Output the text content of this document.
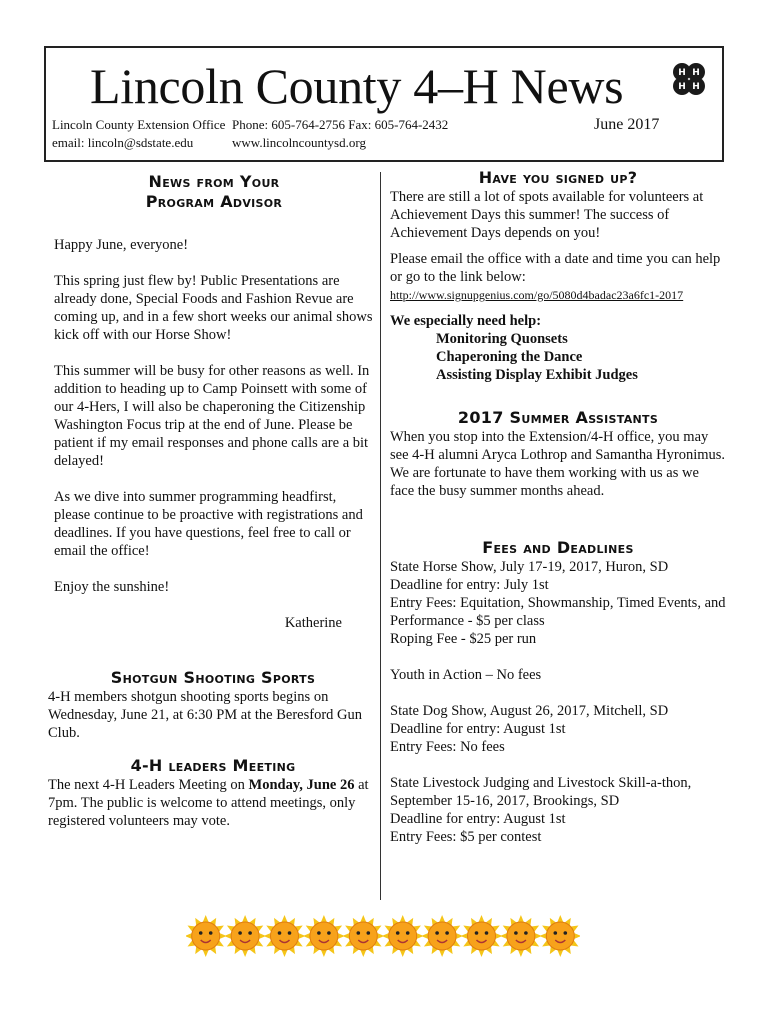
Lincoln County 4–H News	H H
H H
Lincoln County Extension Office
email: lincoln@sdstate.edu
Phone: 605-764-2756 Fax: 605-764-2432
www.lincolncountysd.org
June 2017
News from Your
Program Advisor

Happy June, everyone!

This spring just flew by! Public Presentations are already done, Special Foods and Fashion Revue are coming up, and in a few short weeks our animal shows kick off with our Horse Show!

This summer will be busy for other reasons as well. In addition to heading up to Camp Poinsett with some of our 4-Hers, I will also be chaperoning the Citizenship Washington Focus trip at the end of June. Please be patient if my email responses and phone calls are a bit delayed!

As we dive into summer programming headfirst, please continue to be proactive with registrations and deadlines. If you have questions, feel free to call or email the office!

Enjoy the sunshine!

Katherine

Shotgun Shooting Sports

4-H members shotgun shooting sports begins on Wednesday, June 21, at 6:30 PM at the Beresford Gun Club.

4-H leaders Meeting

The next 4-H Leaders Meeting on Monday, June 26 at 7pm. The public is welcome to attend meetings, only registered volunteers may vote.

Have you signed up?

There are still a lot of spots available for volunteers at Achievement Days this summer! The success of Achievement Days depends on you!

Please email the office with a date and time you can help or go to the link below:

http://www.signupgenius.com/go/5080d4badac23a6fc1-2017

We especially need help:

Monitoring Quonsets

Chaperoning the Dance

Assisting Display Exhibit Judges

2017 Summer Assistants

When you stop into the Extension/4-H office, you may see 4-H alumni Aryca Lothrop and Samantha Hyronimus. We are fortunate to have them working with us as we face the busy summer months ahead.

Fees and Deadlines

State Horse Show, July 17-19, 2017, Huron, SD

Deadline for entry: July 1st

Entry Fees: Equitation, Showmanship, Timed Events, and Performance - $5 per class

Roping Fee - $25 per run

Youth in Action – No fees

State Dog Show, August 26, 2017, Mitchell, SD

Deadline for entry: August 1st

Entry Fees: No fees

State Livestock Judging and Livestock Skill-a-thon, September 15-16, 2017, Brookings, SD

Deadline for entry: August 1st

Entry Fees: $5 per contest
